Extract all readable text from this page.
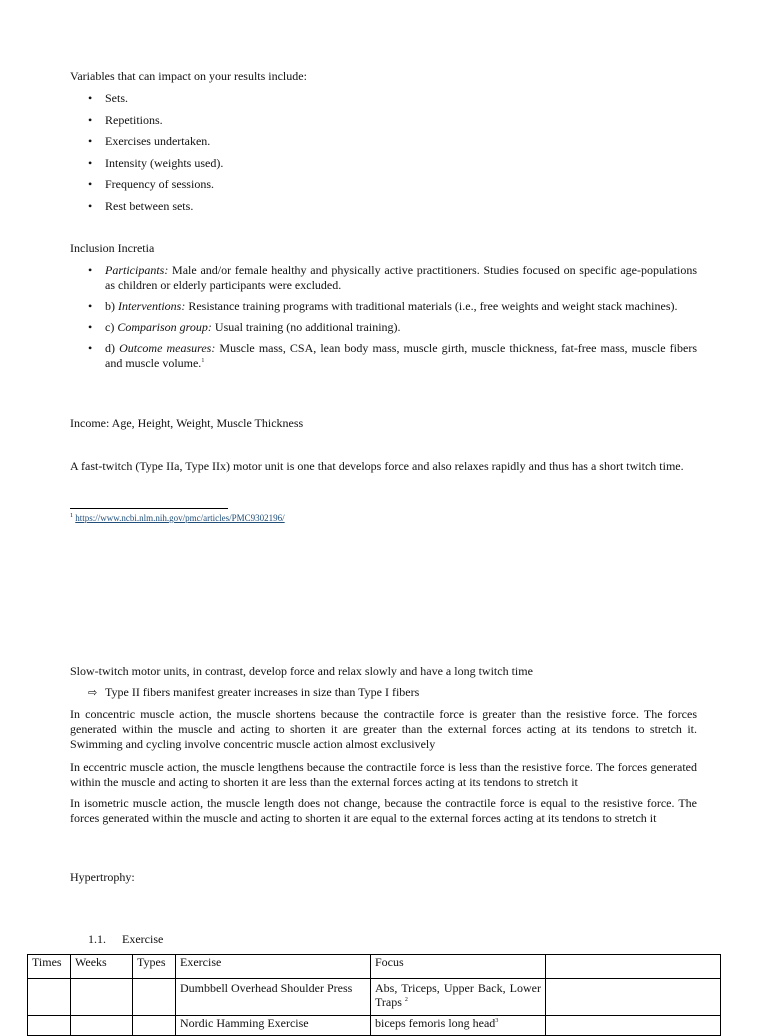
Variables that can impact on your results include:
• Sets.
• Repetitions.
• Exercises undertaken.
• Intensity (weights used).
• Frequency of sessions.
• Rest between sets.
Inclusion Incretia
• Participants: Male and/or female healthy and physically active practitioners. Studies focused on specific age-populations as children or elderly participants were excluded.
• b) Interventions: Resistance training programs with traditional materials (i.e., free weights and weight stack machines).
• c) Comparison group: Usual training (no additional training).
• d) Outcome measures: Muscle mass, CSA, lean body mass, muscle girth, muscle thickness, fat-free mass, muscle fibers and muscle volume.$^1$
Income: Age, Height, Weight, Muscle Thickness
A fast-twitch (Type IIa, Type IIx) motor unit is one that develops force and also relaxes rapidly and thus has a short twitch time.
$^1$ https://www.ncbi.nlm.nih.gov/pmc/articles/PMC9302196/
Slow-twitch motor units, in contrast, develop force and relax slowly and have a long twitch time
⇨ Type II fibers manifest greater increases in size than Type I fibers
In concentric muscle action, the muscle shortens because the contractile force is greater than the resistive force. The forces generated within the muscle and acting to shorten it are greater than the external forces acting at its tendons to stretch it. Swimming and cycling involve concentric muscle action almost exclusively
In eccentric muscle action, the muscle lengthens because the contractile force is less than the resistive force. The forces generated within the muscle and acting to shorten it are less than the external forces acting at its tendons to stretch it
In isometric muscle action, the muscle length does not change, because the contractile force is equal to the resistive force. The forces generated within the muscle and acting to shorten it are equal to the external forces acting at its tendons to stretch it
Hypertrophy:
1.1. Exercise
Times	Weeks	Types	Exercise	Focus	
			Dumbbell Overhead Shoulder Press	Abs, Triceps, Upper Back, Lower Traps $^2$	
			Nordic Hamming Exercise	biceps femoris long head$^3$	
